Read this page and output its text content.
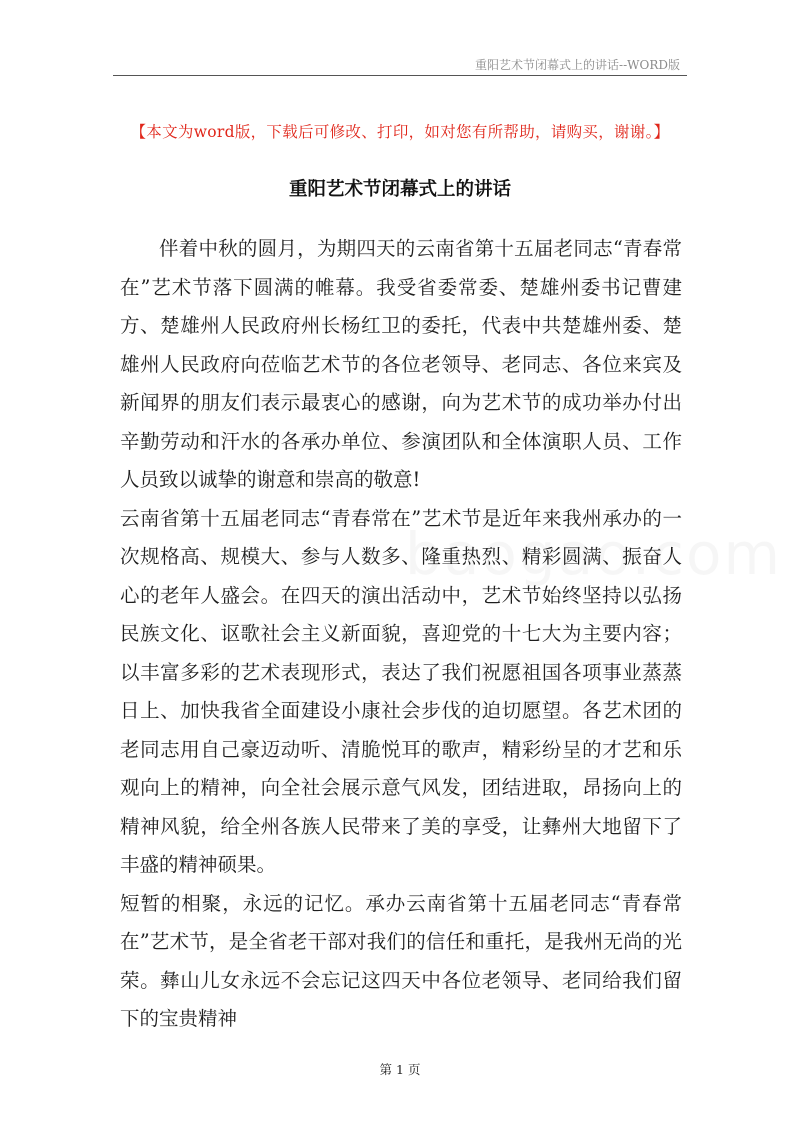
重阳艺术节闭幕式上的讲话--WORD版
【本文为word版，下载后可修改、打印，如对您有所帮助，请购买，谢谢。】
重阳艺术节闭幕式上的讲话

伴着中秋的圆月，为期四天的云南省第十五届老同志“青春常在”艺术节落下圆满的帷幕。我受省委常委、楚雄州委书记曹建方、楚雄州人民政府州长杨红卫的委托，代表中共楚雄州委、楚雄州人民政府向莅临艺术节的各位老领导、老同志、各位来宾及新闻界的朋友们表示最衷心的感谢，向为艺术节的成功举办付出辛勤劳动和汗水的各承办单位、参演团队和全体演职人员、工作人员致以诚挚的谢意和崇高的敬意!

云南省第十五届老同志“青春常在”艺术节是近年来我州承办的一次规格高、规模大、参与人数多、隆重热烈、精彩圆满、振奋人心的老年人盛会。在四天的演出活动中，艺术节始终坚持以弘扬民族文化、讴歌社会主义新面貌，喜迎党的十七大为主要内容；以丰富多彩的艺术表现形式，表达了我们祝愿祖国各项事业蒸蒸日上、加快我省全面建设小康社会步伐的迫切愿望。各艺术团的老同志用自己豪迈动听、清脆悦耳的歌声，精彩纷呈的才艺和乐观向上的精神，向全社会展示意气风发，团结进取，昂扬向上的精神风貌，给全州各族人民带来了美的享受，让彝州大地留下了丰盛的精神硕果。

短暂的相聚，永远的记忆。承办云南省第十五届老同志“青春常在”艺术节，是全省老干部对我们的信任和重托，是我州无尚的光荣。彝山儿女永远不会忘记这四天中各位老领导、老同给我们留下的宝贵精神

第 1 页
